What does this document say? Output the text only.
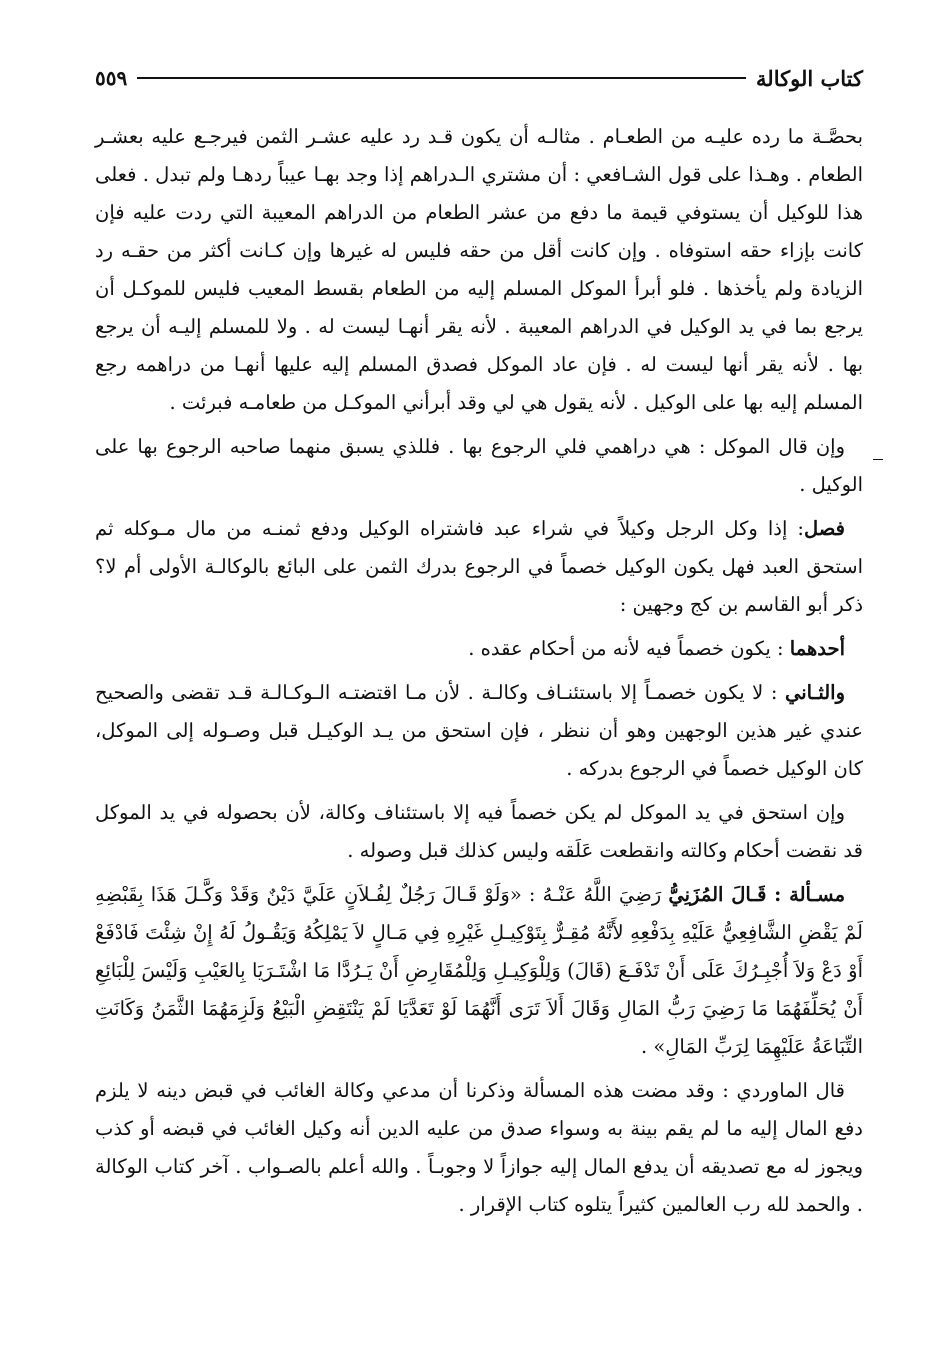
كتاب الوكالة
٥٥٩

بحصَّـة ما رده عليـه من الطعـام . مثالـه أن يكون قـد رد عليه عشـر الثمن فيرجـع عليه بعشـر الطعام . وهـذا على قول الشـافعي : أن مشتري الـدراهم إذا وجد بهـا عيباً ردهـا ولم تبدل . فعلى هذا للوكيل أن يستوفي قيمة ما دفع من عشر الطعام من الدراهم المعيبة التي ردت عليه فإن كانت بإزاء حقه استوفاه . وإن كانت أقل من حقه فليس له غيرها وإن كـانت أكثر من حقـه رد الزيادة ولم يأخذها . فلو أبرأ الموكل المسلم إليه من الطعام بقسط المعيب فليس للموكـل أن يرجع بما في يد الوكيل في الدراهم المعيبة . لأنه يقر أنهـا ليست له . ولا للمسلم إليـه أن يرجع بها . لأنه يقر أنها ليست له . فإن عاد الموكل فصدق المسلم إليه عليها أنهـا من دراهمه رجع المسلم إليه بها على الوكيل . لأنه يقول هي لي وقد أبرأني الموكـل من طعامـه فبرئت .

وإن قال الموكل : هي دراهمي فلي الرجوع بها . فللذي يسبق منهما صاحبه الرجوع بها على الوكيل .

فصل: إذا وكل الرجل وكيلاً في شراء عبد فاشتراه الوكيل ودفع ثمنـه من مال مـوكله ثم استحق العبد فهل يكون الوكيل خصماً في الرجوع بدرك الثمن على البائع بالوكالـة الأولى أم لا؟ ذكر أبو القاسم بن كج وجهين :

أحدهما : يكون خصماً فيه لأنه من أحكام عقده .

والثـاني : لا يكون خصمـاً إلا باستئنـاف وكالـة . لأن مـا اقتضتـه الـوكـالـة قـد تقضى والصحيح عندي غير هذين الوجهين وهو أن ننظر ، فإن استحق من يـد الوكيـل قبل وصـوله إلى الموكل، كان الوكيل خصماً في الرجوع بدركه .

وإن استحق في يد الموكل لم يكن خصماً فيه إلا باستئناف وكالة، لأن بحصوله في يد الموكل قد نقضت أحكام وكالته وانقطعت عَلَقه وليس كذلك قبل وصوله .

مسـألة : قَـالَ المُزَنِيُّ رَضِيَ اللَّهُ عَنْـهُ : «وَلَوْ قَـالَ رَجُلٌ لِفُـلاَنٍ عَلَيَّ دَيْنٌ وَقَدْ وَكَّـلَ هَذَا بِقَبْضِهِ لَمْ يَقْضِ الشَّافِعِيُّ عَلَيْهِ بِدَفْعِهِ لأَنَّهُ مُقِـرٌّ بِتَوْكِيـلِ غَيْرِهِ فِي مَـالٍ لاَ يَمْلِكُهُ وَيَقُـولُ لَهُ إِنْ شِئْتَ فَادْفَعْ أَوْ دَعْ وَلاَ أُجْبِـرُكَ عَلَى أَنْ تَدْفَـعَ (قَالَ) وَلِلْوَكِيـلِ وَلِلْمُقَارِضِ أَنْ يَـرُدَّا مَا اشْتَـرَيَا بِالعَيْبِ وَلَيْسَ لِلْبَائِعِ أَنْ يُحَلِّفَهُمَا مَا رَضِيَ رَبُّ المَالِ وَقَالَ أَلاَ تَرَى أَنَّهُمَا لَوْ تَعَدَّيَا لَمْ يَنْتَقِضِ الْبَيْعُ وَلَزِمَهُمَا الثَّمَنُ وَكَانَتِ التِّبَاعَةُ عَلَيْهِمَا لِرَبِّ المَالِ» .

قال الماوردي : وقد مضت هذه المسألة وذكرنا أن مدعي وكالة الغائب في قبض دينه لا يلزم دفع المال إليه ما لم يقم بينة به وسواء صدق من عليه الدين أنه وكيل الغائب في قبضه أو كذب ويجوز له مع تصديقه أن يدفع المال إليه جوازاً لا وجوبـاً . والله أعلم بالصـواب . آخر كتاب الوكالة . والحمد لله رب العالمين كثيراً يتلوه كتاب الإقرار .
